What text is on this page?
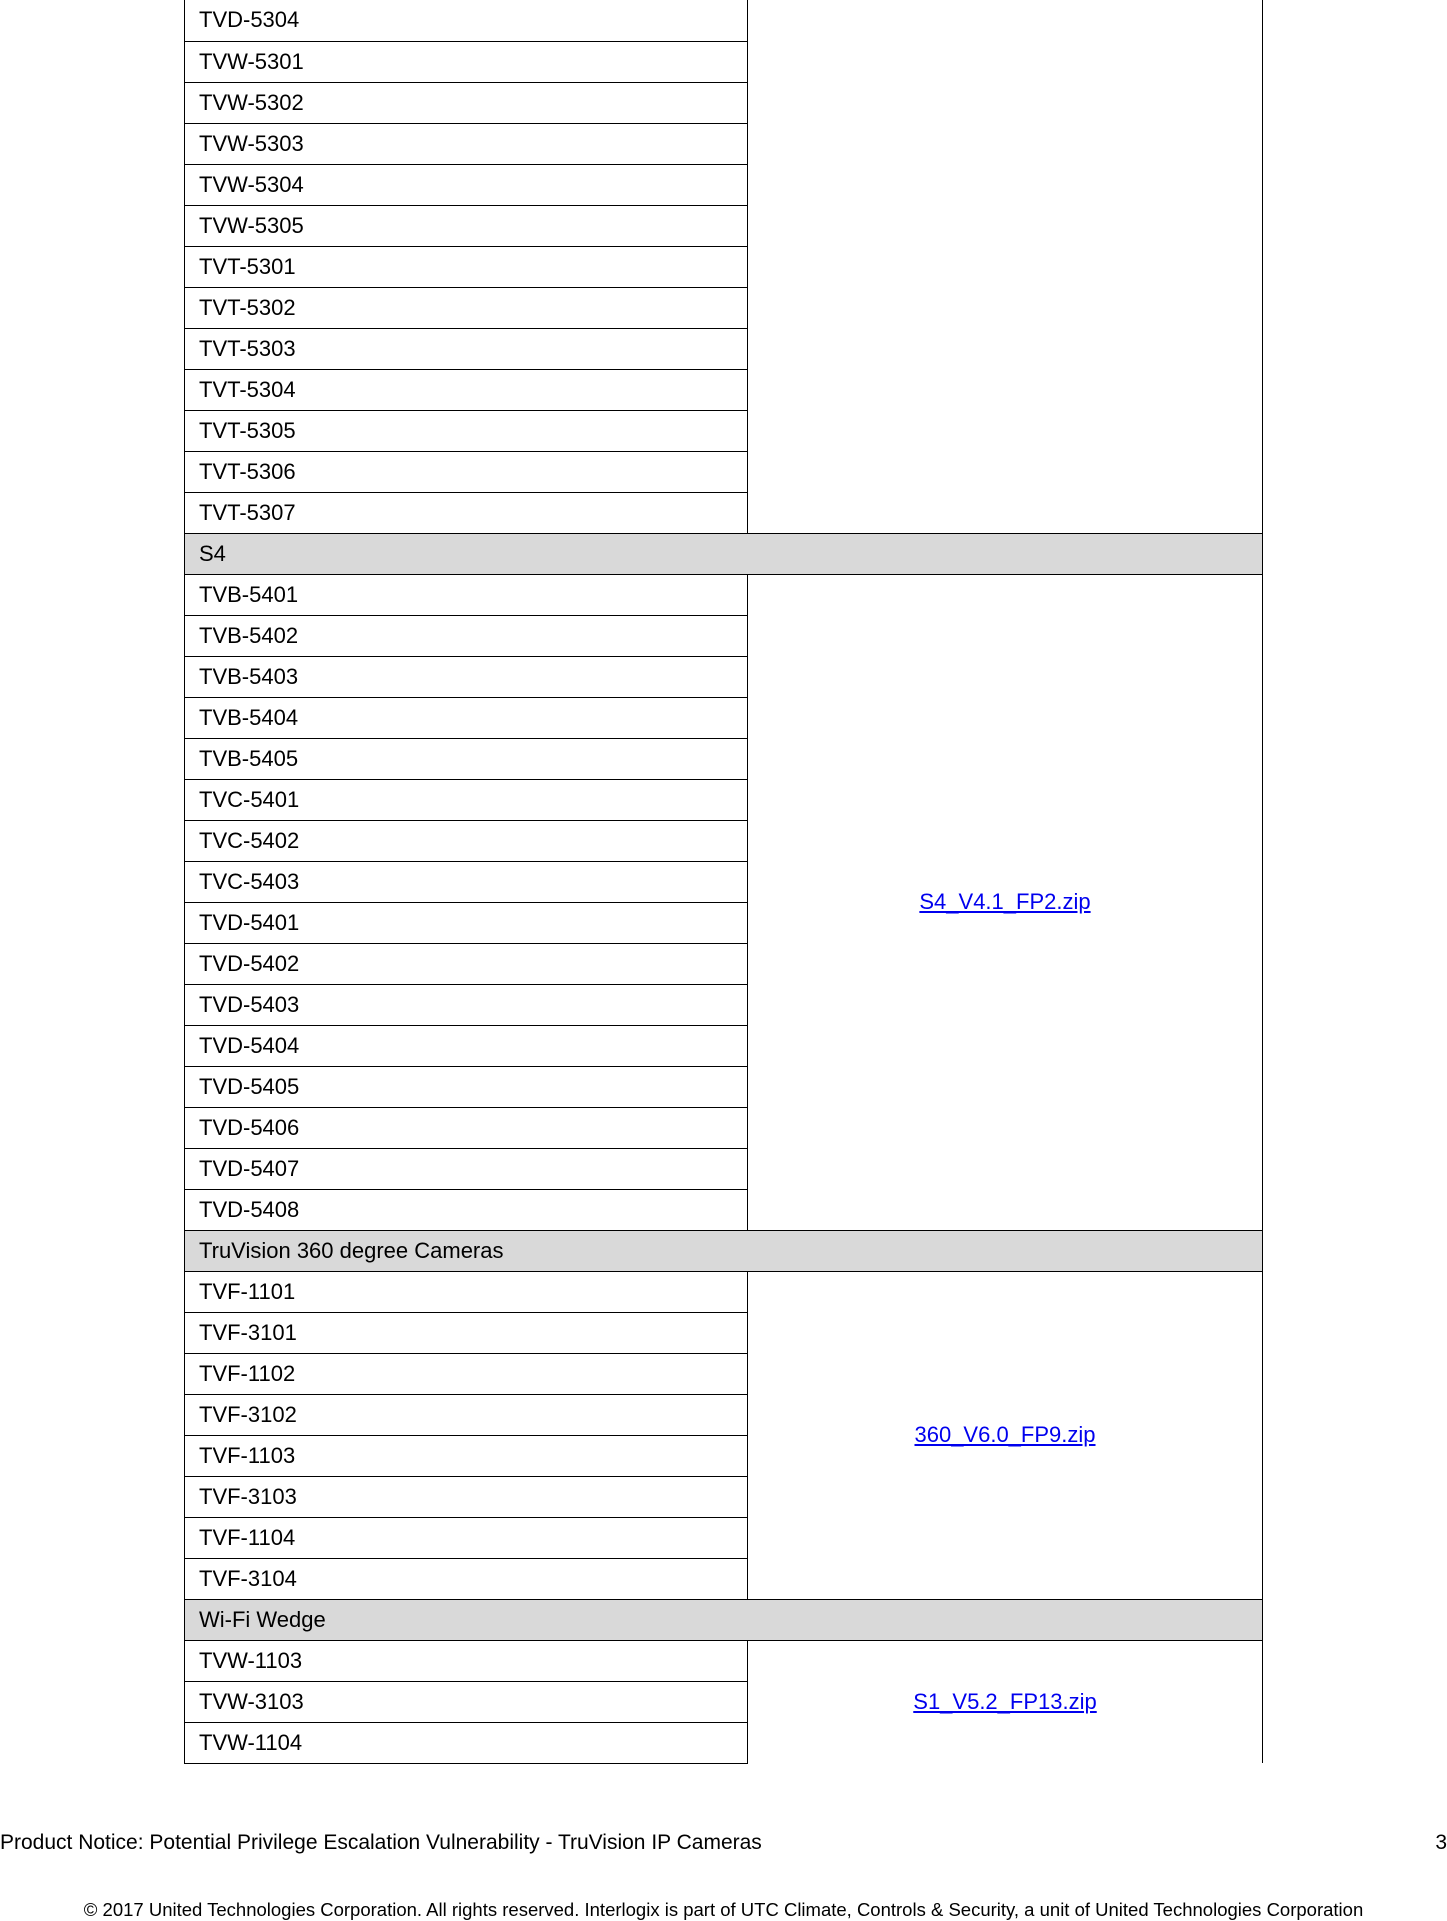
TVD-5304	
TVW-5301	
TVW-5302	
TVW-5303	
TVW-5304	
TVW-5305	
TVT-5301	
TVT-5302	
TVT-5303	
TVT-5304	
TVT-5305	
TVT-5306	
TVT-5307	
S4	
TVB-5401	S4_V4.1_FP2.zip
TVB-5402	
TVB-5403	
TVB-5404	
TVB-5405	
TVC-5401	
TVC-5402	
TVC-5403	
TVD-5401	
TVD-5402	
TVD-5403	
TVD-5404	
TVD-5405	
TVD-5406	
TVD-5407	
TVD-5408	
TruVision 360 degree Cameras	
TVF-1101	360_V6.0_FP9.zip
TVF-3101	
TVF-1102	
TVF-3102	
TVF-1103	
TVF-3103	
TVF-1104	
TVF-3104	
Wi-Fi Wedge	
TVW-1103	S1_V5.2_FP13.zip
TVW-3103	
TVW-1104	
Product Notice: Potential Privilege Escalation Vulnerability - TruVision IP Cameras	3
© 2017 United Technologies Corporation. All rights reserved. Interlogix is part of UTC Climate, Controls & Security, a unit of United Technologies Corporation
